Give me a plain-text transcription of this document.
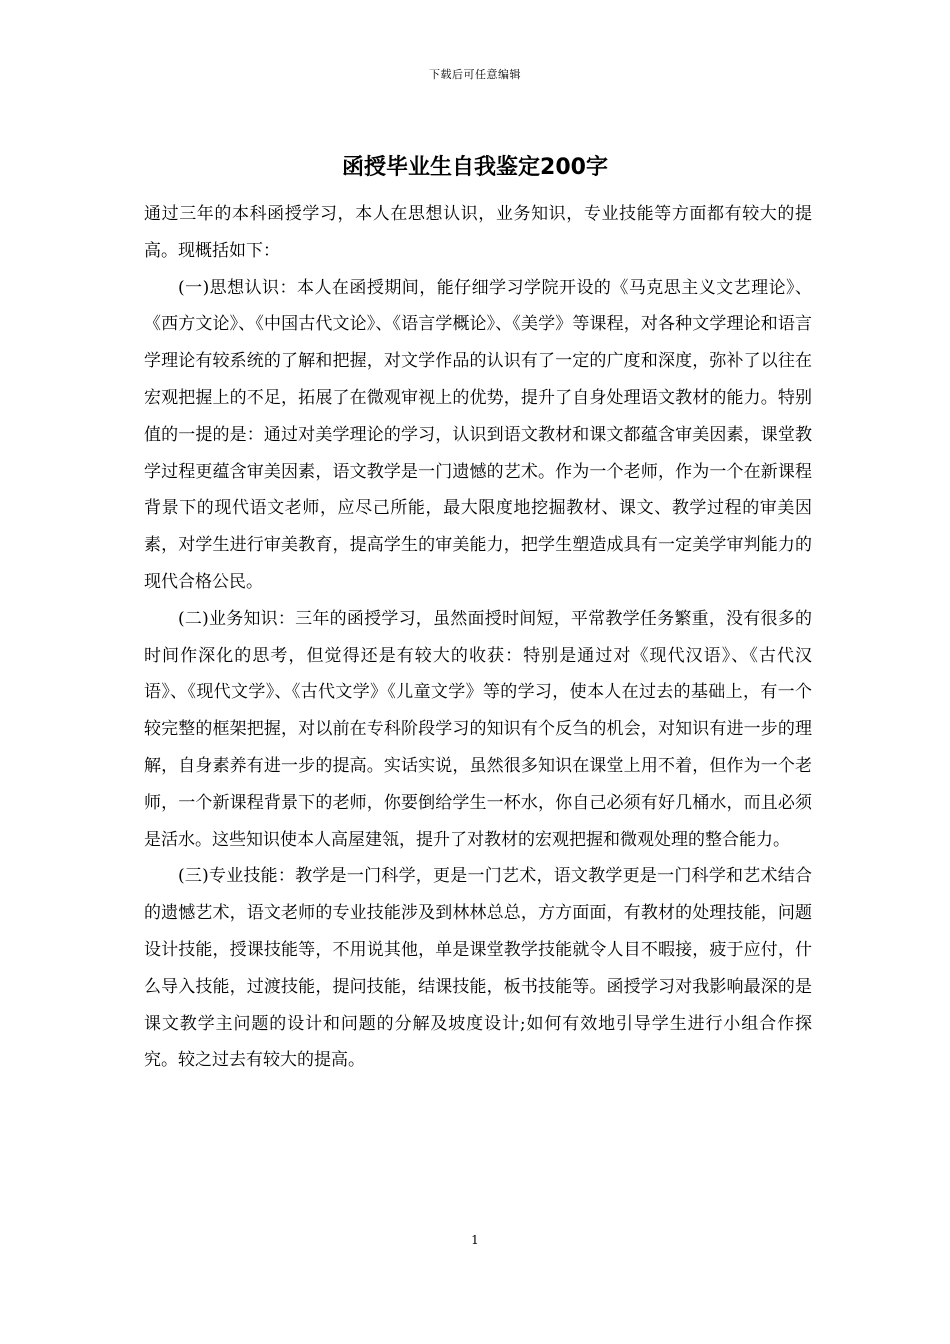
下载后可任意编辑
函授毕业生自我鉴定200字

通过三年的本科函授学习，本人在思想认识，业务知识，专业技能等方面都有较大的提高。现概括如下：

(一)思想认识：本人在函授期间，能仔细学习学院开设的《马克思主义文艺理论》、《西方文论》、《中国古代文论》、《语言学概论》、《美学》等课程，对各种文学理论和语言学理论有较系统的了解和把握，对文学作品的认识有了一定的广度和深度，弥补了以往在宏观把握上的不足，拓展了在微观审视上的优势，提升了自身处理语文教材的能力。特别值的一提的是：通过对美学理论的学习，认识到语文教材和课文都蕴含审美因素，课堂教学过程更蕴含审美因素，语文教学是一门遗憾的艺术。作为一个老师，作为一个在新课程背景下的现代语文老师，应尽己所能，最大限度地挖掘教材、课文、教学过程的审美因素，对学生进行审美教育，提高学生的审美能力，把学生塑造成具有一定美学审判能力的现代合格公民。

(二)业务知识：三年的函授学习，虽然面授时间短，平常教学任务繁重，没有很多的时间作深化的思考，但觉得还是有较大的收获：特别是通过对《现代汉语》、《古代汉语》、《现代文学》、《古代文学》《儿童文学》等的学习，使本人在过去的基础上，有一个较完整的框架把握，对以前在专科阶段学习的知识有个反刍的机会，对知识有进一步的理解，自身素养有进一步的提高。实话实说，虽然很多知识在课堂上用不着，但作为一个老师，一个新课程背景下的老师，你要倒给学生一杯水，你自己必须有好几桶水，而且必须是活水。这些知识使本人高屋建瓴，提升了对教材的宏观把握和微观处理的整合能力。

(三)专业技能：教学是一门科学，更是一门艺术，语文教学更是一门科学和艺术结合的遗憾艺术，语文老师的专业技能涉及到林林总总，方方面面，有教材的处理技能，问题设计技能，授课技能等，不用说其他，单是课堂教学技能就令人目不暇接，疲于应付，什么导入技能，过渡技能，提问技能，结课技能，板书技能等。函授学习对我影响最深的是课文教学主问题的设计和问题的分解及坡度设计;如何有效地引导学生进行小组合作探究。较之过去有较大的提高。

1
